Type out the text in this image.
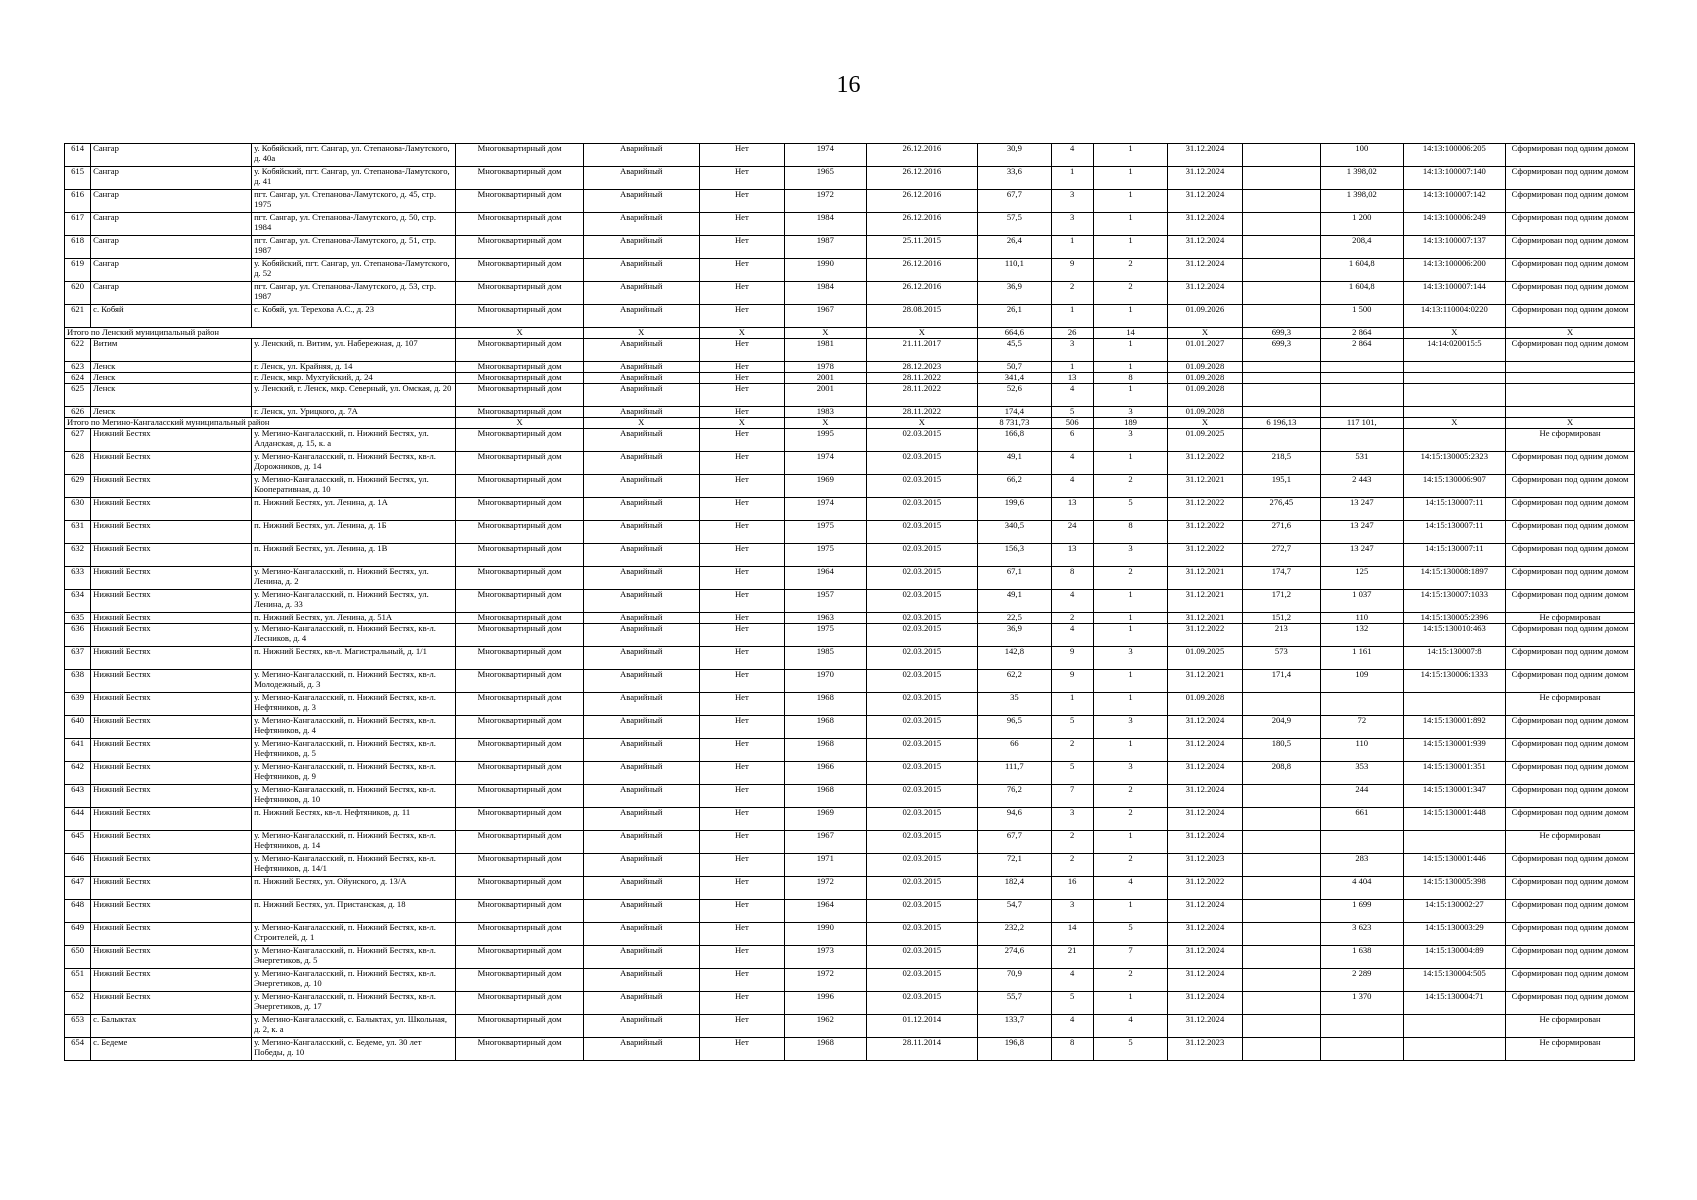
16
614	Сангар	у. Кобяйский, пгт. Сангар, ул. Степанова-Ламутского, д. 40а	Многоквартирный дом	Аварийный	Нет	1974	26.12.2016	30,9	4	1	31.12.2024		100	14:13:100006:205	Сформирован под одним домом
615	Сангар	у. Кобяйский, пгт. Сангар, ул. Степанова-Ламутского, д. 41	Многоквартирный дом	Аварийный	Нет	1965	26.12.2016	33,6	1	1	31.12.2024		1 398,02	14:13:100007:140	Сформирован под одним домом
616	Сангар	пгт. Сангар, ул. Степанова-Ламутского, д. 45, стр. 1975	Многоквартирный дом	Аварийный	Нет	1972	26.12.2016	67,7	3	1	31.12.2024		1 398,02	14:13:100007:142	Сформирован под одним домом
617	Сангар	пгт. Сангар, ул. Степанова-Ламутского, д. 50, стр. 1984	Многоквартирный дом	Аварийный	Нет	1984	26.12.2016	57,5	3	1	31.12.2024		1 200	14:13:100006:249	Сформирован под одним домом
618	Сангар	пгт. Сангар, ул. Степанова-Ламутского, д. 51, стр. 1987	Многоквартирный дом	Аварийный	Нет	1987	25.11.2015	26,4	1	1	31.12.2024		208,4	14:13:100007:137	Сформирован под одним домом
619	Сангар	у. Кобяйский, пгт. Сангар, ул. Степанова-Ламутского, д. 52	Многоквартирный дом	Аварийный	Нет	1990	26.12.2016	110,1	9	2	31.12.2024		1 604,8	14:13:100006:200	Сформирован под одним домом
620	Сангар	пгт. Сангар, ул. Степанова-Ламутского, д. 53, стр. 1987	Многоквартирный дом	Аварийный	Нет	1984	26.12.2016	36,9	2	2	31.12.2024		1 604,8	14:13:100007:144	Сформирован под одним домом
621	с. Кобяй	с. Кобяй, ул. Терехова А.С., д. 23	Многоквартирный дом	Аварийный	Нет	1967	28.08.2015	26,1	1	1	01.09.2026		1 500	14:13:110004:0220	Сформирован под одним домом
Итого по Ленский муниципальный район			X	X	X	X	X	664,6	26	14	X	699,3	2 864	X	X
622	Витим	у. Ленский, п. Витим, ул. Набережная, д. 107	Многоквартирный дом	Аварийный	Нет	1981	21.11.2017	45,5	3	1	01.01.2027	699,3	2 864	14:14:020015:5	Сформирован под одним домом
623	Ленск	г. Ленск, ул. Крайняя, д. 14	Многоквартирный дом	Аварийный	Нет	1978	28.12.2023	50,7	1	1	01.09.2028				
624	Ленск	г. Ленск, мкр. Мухтуйский, д. 24	Многоквартирный дом	Аварийный	Нет	2001	28.11.2022	341,4	13	8	01.09.2028				
625	Ленск	у. Ленский, г. Ленск, мкр. Северный, ул. Омская, д. 20	Многоквартирный дом	Аварийный	Нет	2001	28.11.2022	52,6	4	1	01.09.2028				
626	Ленск	г. Ленск, ул. Урицкого, д. 7А	Многоквартирный дом	Аварийный	Нет	1983	28.11.2022	174,4	5	3	01.09.2028				
Итого по Мегино-Кангаласский муниципальный район			X	X	X	X	X	8 731,73	506	189	X	6 196,13	117 101,	X	X
627	Нижний Бестях	у. Мегино-Кангаласский, п. Нижний Бестях, ул. Алданская, д. 15, к. а	Многоквартирный дом	Аварийный	Нет	1995	02.03.2015	166,8	6	3	01.09.2025				Не сформирован
628	Нижний Бестях	у. Мегино-Кангаласский, п. Нижний Бестях, кв-л. Дорожников, д. 14	Многоквартирный дом	Аварийный	Нет	1974	02.03.2015	49,1	4	1	31.12.2022	218,5	531	14:15:130005:2323	Сформирован под одним домом
629	Нижний Бестях	у. Мегино-Кангаласский, п. Нижний Бестях, ул. Кооперативная, д. 10	Многоквартирный дом	Аварийный	Нет	1969	02.03.2015	66,2	4	2	31.12.2021	195,1	2 443	14:15:130006:907	Сформирован под одним домом
630	Нижний Бестях	п. Нижний Бестях, ул. Ленина, д. 1А	Многоквартирный дом	Аварийный	Нет	1974	02.03.2015	199,6	13	5	31.12.2022	276,45	13 247	14:15:130007:11	Сформирован под одним домом
631	Нижний Бестях	п. Нижний Бестях, ул. Ленина, д. 1Б	Многоквартирный дом	Аварийный	Нет	1975	02.03.2015	340,5	24	8	31.12.2022	271,6	13 247	14:15:130007:11	Сформирован под одним домом
632	Нижний Бестях	п. Нижний Бестях, ул. Ленина, д. 1В	Многоквартирный дом	Аварийный	Нет	1975	02.03.2015	156,3	13	3	31.12.2022	272,7	13 247	14:15:130007:11	Сформирован под одним домом
633	Нижний Бестях	у. Мегино-Кангаласский, п. Нижний Бестях, ул. Ленина, д. 2	Многоквартирный дом	Аварийный	Нет	1964	02.03.2015	67,1	8	2	31.12.2021	174,7	125	14:15:130008:1897	Сформирован под одним домом
634	Нижний Бестях	у. Мегино-Кангаласский, п. Нижний Бестях, ул. Ленина, д. 33	Многоквартирный дом	Аварийный	Нет	1957	02.03.2015	49,1	4	1	31.12.2021	171,2	1 037	14:15:130007:1033	Сформирован под одним домом
635	Нижний Бестях	п. Нижний Бестях, ул. Ленина, д. 51А	Многоквартирный дом	Аварийный	Нет	1963	02.03.2015	22,5	2	1	31.12.2021	151,2	110	14:15:130005:2396	Не сформирован
636	Нижний Бестях	у. Мегино-Кангаласский, п. Нижний Бестях, кв-л. Лесников, д. 4	Многоквартирный дом	Аварийный	Нет	1975	02.03.2015	36,9	4	1	31.12.2022	213	132	14:15:130010:463	Сформирован под одним домом
637	Нижний Бестях	п. Нижний Бестях, кв-л. Магистральный, д. 1/1	Многоквартирный дом	Аварийный	Нет	1985	02.03.2015	142,8	9	3	01.09.2025	573	1 161	14:15:130007:8	Сформирован под одним домом
638	Нижний Бестях	у. Мегино-Кангаласский, п. Нижний Бестях, кв-л. Молодежный, д. 3	Многоквартирный дом	Аварийный	Нет	1970	02.03.2015	62,2	9	1	31.12.2021	171,4	109	14:15:130006:1333	Сформирован под одним домом
639	Нижний Бестях	у. Мегино-Кангаласский, п. Нижний Бестях, кв-л. Нефтяников, д. 3	Многоквартирный дом	Аварийный	Нет	1968	02.03.2015	35	1	1	01.09.2028				Не сформирован
640	Нижний Бестях	у. Мегино-Кангаласский, п. Нижний Бестях, кв-л. Нефтяников, д. 4	Многоквартирный дом	Аварийный	Нет	1968	02.03.2015	96,5	5	3	31.12.2024	204,9	72	14:15:130001:892	Сформирован под одним домом
641	Нижний Бестях	у. Мегино-Кангаласский, п. Нижний Бестях, кв-л. Нефтяников, д. 5	Многоквартирный дом	Аварийный	Нет	1968	02.03.2015	66	2	1	31.12.2024	180,5	110	14:15:130001:939	Сформирован под одним домом
642	Нижний Бестях	у. Мегино-Кангаласский, п. Нижний Бестях, кв-л. Нефтяников, д. 9	Многоквартирный дом	Аварийный	Нет	1966	02.03.2015	111,7	5	3	31.12.2024	208,8	353	14:15:130001:351	Сформирован под одним домом
643	Нижний Бестях	у. Мегино-Кангаласский, п. Нижний Бестях, кв-л. Нефтяников, д. 10	Многоквартирный дом	Аварийный	Нет	1968	02.03.2015	76,2	7	2	31.12.2024		244	14:15:130001:347	Сформирован под одним домом
644	Нижний Бестях	п. Нижний Бестях, кв-л. Нефтяников, д. 11	Многоквартирный дом	Аварийный	Нет	1969	02.03.2015	94,6	3	2	31.12.2024		661	14:15:130001:448	Сформирован под одним домом
645	Нижний Бестях	у. Мегино-Кангаласский, п. Нижний Бестях, кв-л. Нефтяников, д. 14	Многоквартирный дом	Аварийный	Нет	1967	02.03.2015	67,7	2	1	31.12.2024				Не сформирован
646	Нижний Бестях	у. Мегино-Кангаласский, п. Нижний Бестях, кв-л. Нефтяников, д. 14/1	Многоквартирный дом	Аварийный	Нет	1971	02.03.2015	72,1	2	2	31.12.2023		283	14:15:130001:446	Сформирован под одним домом
647	Нижний Бестях	п. Нижний Бестях, ул. Ойунского, д. 13/А	Многоквартирный дом	Аварийный	Нет	1972	02.03.2015	182,4	16	4	31.12.2022		4 404	14:15:130005:398	Сформирован под одним домом
648	Нижний Бестях	п. Нижний Бестях, ул. Пристанская, д. 18	Многоквартирный дом	Аварийный	Нет	1964	02.03.2015	54,7	3	1	31.12.2024		1 699	14:15:130002:27	Сформирован под одним домом
649	Нижний Бестях	у. Мегино-Кангаласский, п. Нижний Бестях, кв-л. Строителей, д. 1	Многоквартирный дом	Аварийный	Нет	1990	02.03.2015	232,2	14	5	31.12.2024		3 623	14:15:130003:29	Сформирован под одним домом
650	Нижний Бестях	у. Мегино-Кангаласский, п. Нижний Бестях, кв-л. Энергетиков, д. 5	Многоквартирный дом	Аварийный	Нет	1973	02.03.2015	274,6	21	7	31.12.2024		1 638	14:15:130004:89	Сформирован под одним домом
651	Нижний Бестях	у. Мегино-Кангаласский, п. Нижний Бестях, кв-л. Энергетиков, д. 10	Многоквартирный дом	Аварийный	Нет	1972	02.03.2015	70,9	4	2	31.12.2024		2 289	14:15:130004:505	Сформирован под одним домом
652	Нижний Бестях	у. Мегино-Кангаласский, п. Нижний Бестях, кв-л. Энергетиков, д. 17	Многоквартирный дом	Аварийный	Нет	1996	02.03.2015	55,7	5	1	31.12.2024		1 370	14:15:130004:71	Сформирован под одним домом
653	с. Балыктах	у. Мегино-Кангаласский, с. Балыктах, ул. Школьная, д. 2, к. а	Многоквартирный дом	Аварийный	Нет	1962	01.12.2014	133,7	4	4	31.12.2024				Не сформирован
654	с. Бедеме	у. Мегино-Кангаласский, с. Бедеме, ул. 30 лет Победы, д. 10	Многоквартирный дом	Аварийный	Нет	1968	28.11.2014	196,8	8	5	31.12.2023				Не сформирован
